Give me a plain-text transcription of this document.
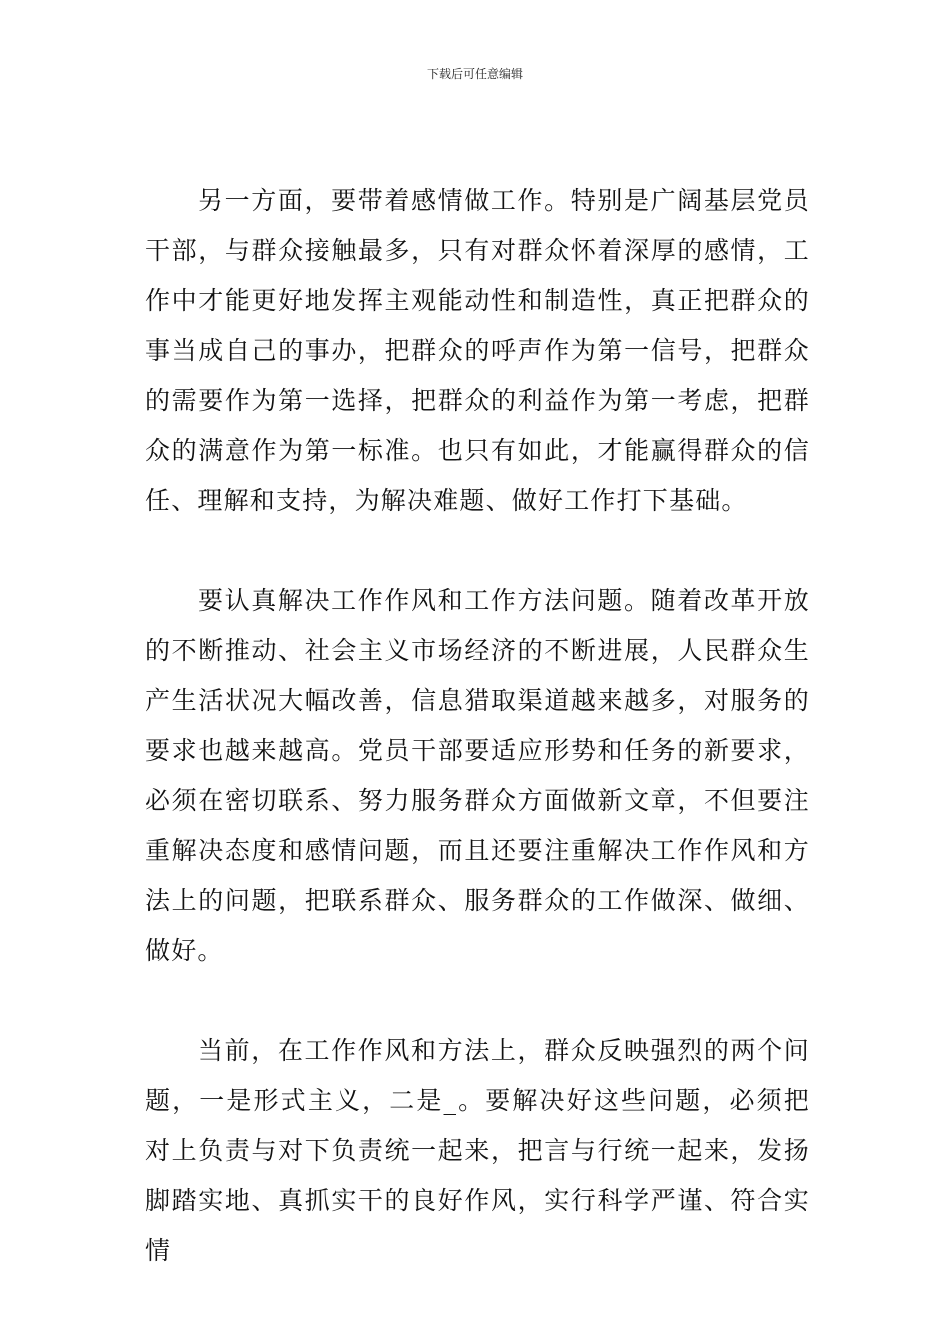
下载后可任意编辑

另一方面，要带着感情做工作。特别是广阔基层党员干部，与群众接触最多，只有对群众怀着深厚的感情，工作中才能更好地发挥主观能动性和制造性，真正把群众的事当成自己的事办，把群众的呼声作为第一信号，把群众的需要作为第一选择，把群众的利益作为第一考虑，把群众的满意作为第一标准。也只有如此，才能赢得群众的信任、理解和支持，为解决难题、做好工作打下基础。

要认真解决工作作风和工作方法问题。随着改革开放的不断推动、社会主义市场经济的不断进展，人民群众生产生活状况大幅改善，信息猎取渠道越来越多，对服务的要求也越来越高。党员干部要适应形势和任务的新要求，必须在密切联系、努力服务群众方面做新文章，不但要注重解决态度和感情问题，而且还要注重解决工作作风和方法上的问题，把联系群众、服务群众的工作做深、做细、做好。

当前，在工作作风和方法上，群众反映强烈的两个问题，一是形式主义，二是_。要解决好这些问题，必须把对上负责与对下负责统一起来，把言与行统一起来，发扬脚踏实地、真抓实干的良好作风，实行科学严谨、符合实情
